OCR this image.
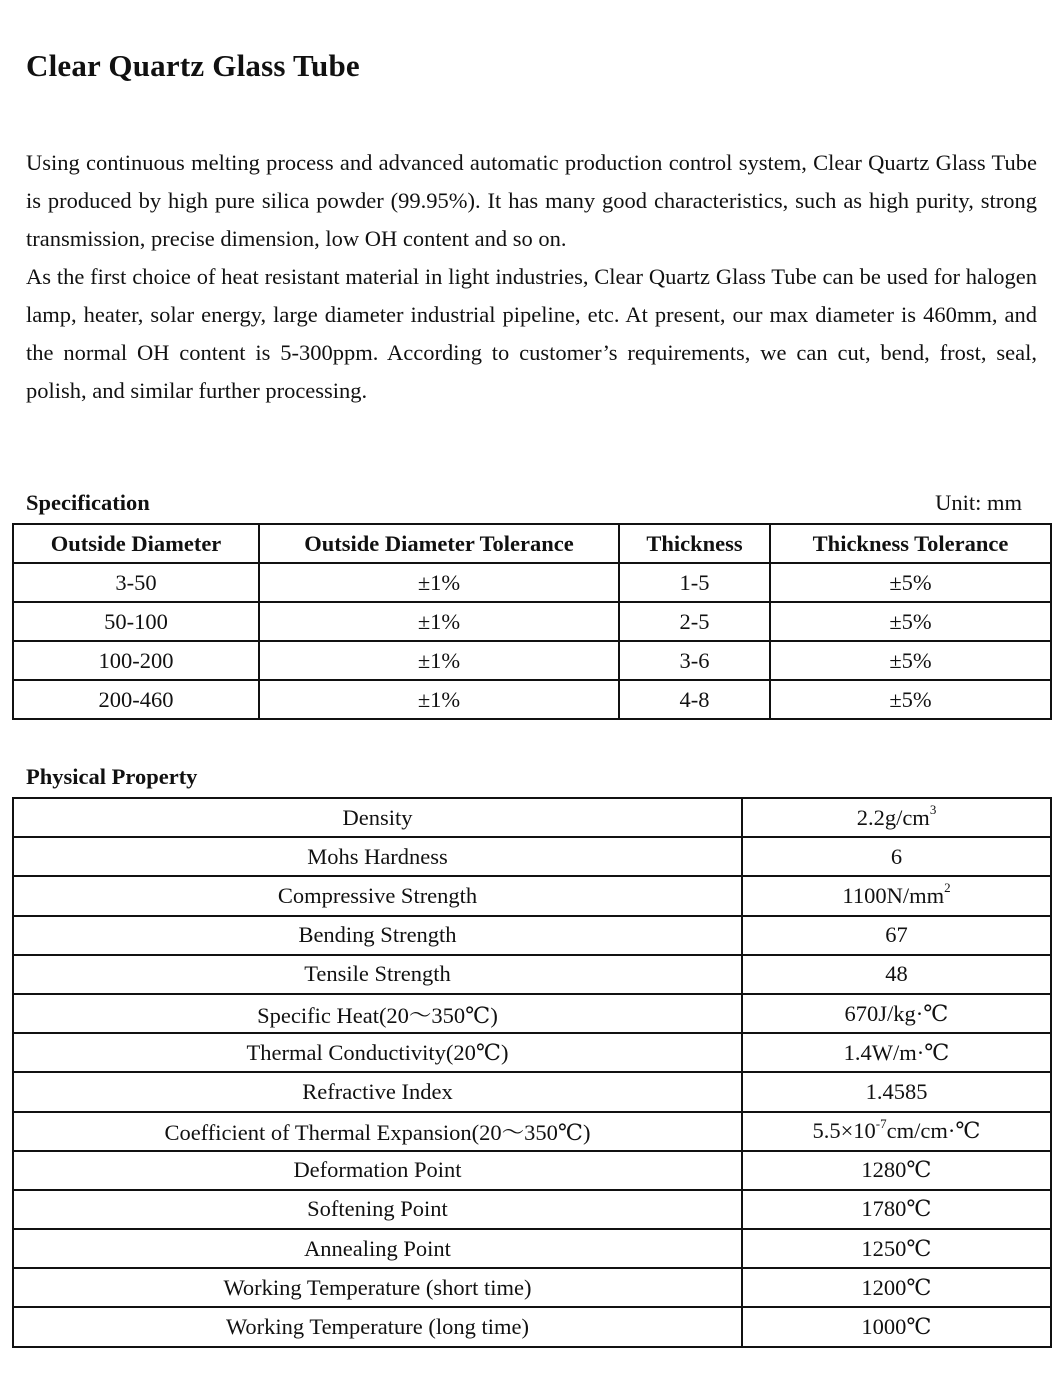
Clear Quartz Glass Tube

Using continuous melting process and advanced automatic production control system, Clear Quartz Glass Tube is produced by high pure silica powder (99.95%). It has many good characteristics, such as high purity, strong transmission, precise dimension, low OH content and so on.

As the first choice of heat resistant material in light industries, Clear Quartz Glass Tube can be used for halogen lamp, heater, solar energy, large diameter industrial pipeline, etc. At present, our max diameter is 460mm, and the normal OH content is 5-300ppm. According to customer’s requirements, we can cut, bend, frost, seal, polish, and similar further processing.

Specification	Unit: mm
Outside Diameter	Outside Diameter Tolerance	Thickness	Thickness Tolerance
3-50	±1%	1-5	±5%
50-100	±1%	2-5	±5%
100-200	±1%	3-6	±5%
200-460	±1%	4-8	±5%
Physical Property
Density	$2.2g/cm^3$
Mohs Hardness	6
Compressive Strength	$1100N/mm^2$
Bending Strength	67
Tensile Strength	48
Specific Heat(20～350℃)	670J/kg·℃
Thermal Conductivity(20℃)	1.4W/m·℃
Refractive Index	1.4585
Coefficient of Thermal Expansion(20～350℃)	$5.5\times 10^{-7}cm/cm\cdot℃$
Deformation Point	1280℃
Softening Point	1780℃
Annealing Point	1250℃
Working Temperature (short time)	1200℃
Working Temperature (long time)	1000℃
